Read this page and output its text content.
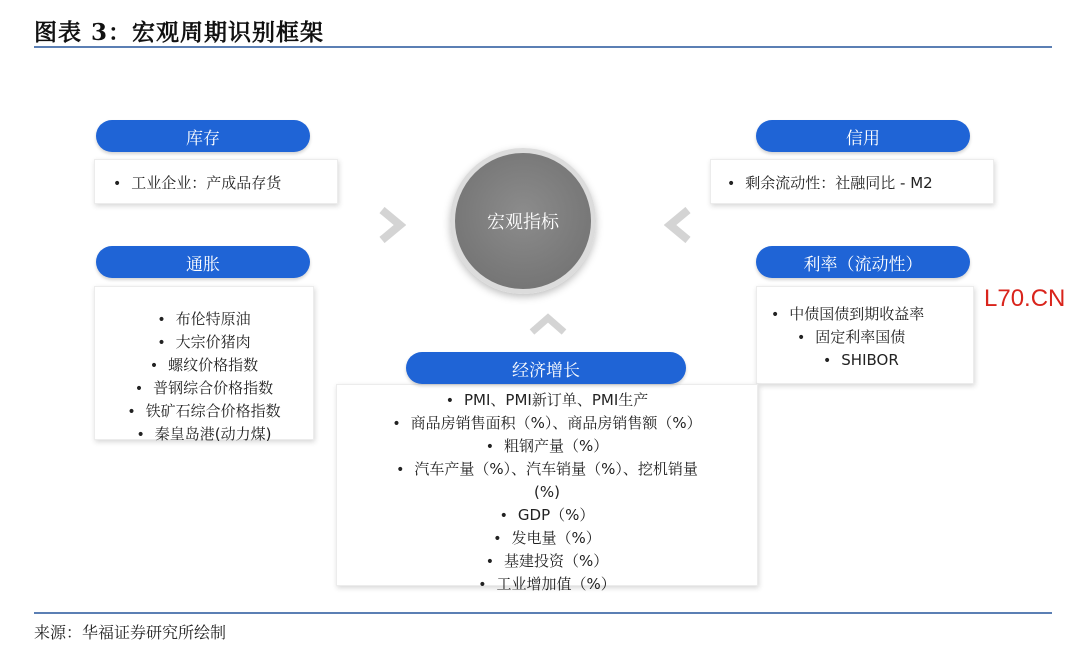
图表 3：宏观周期识别框架
库存
• 工业企业：产成品存货
通胀
• 布伦特原油
• 大宗价猪肉
• 螺纹价格指数
• 普钢综合价格指数
• 铁矿石综合价格指数
• 秦皇岛港(动力煤)
信用
• 剩余流动性：社融同比 - M2
利率（流动性）
• 中债国债到期收益率
• 固定利率国债
• SHIBOR
宏观指标
• PMI、PMI新订单、PMI生产
• 商品房销售面积（%）、商品房销售额（%）
• 粗钢产量（%）
• 汽车产量（%）、汽车销量（%）、挖机销量
(%)
• GDP（%）
• 发电量（%）
• 基建投资（%）
• 工业增加值（%）
经济增长
L70.CN
来源：华福证券研究所绘制
